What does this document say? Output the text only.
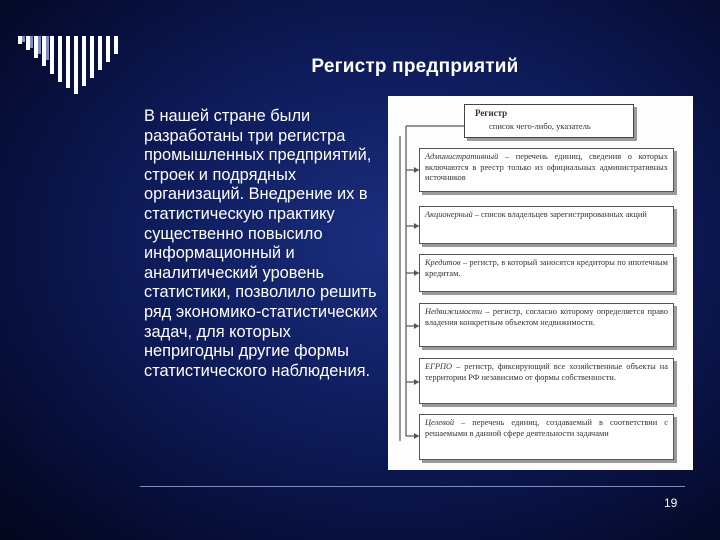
Регистр предприятий
В нашей стране были разработаны три регистра промышленных предприятий, строек и подрядных организаций. Внедрение их в статистическую практику существенно повысило информационный и аналитический уровень статистики, позволило решить ряд экономико-статистических задач, для которых непригодны другие формы статистического наблюдения.
Регистр
список чего-либо, указатель
Административный – перечень единиц, сведения о которых включаются в реестр только из официальных административных источников
Акционерный – список владельцев зарегистрированных акций
Кредитов – регистр, в который заносятся кредиторы по ипотечным кредитам.
Недвижимости – регистр, согласно которому определяется право владения конкретным объектом недвижимости.
ЕГРПО – регистр, фиксирующий все хозяйственные объекты на территории РФ независимо от формы собственности.
Целевой – перечень единиц, создаваемый в соответствии с решаемыми в данной сфере деятельности задачами
19
